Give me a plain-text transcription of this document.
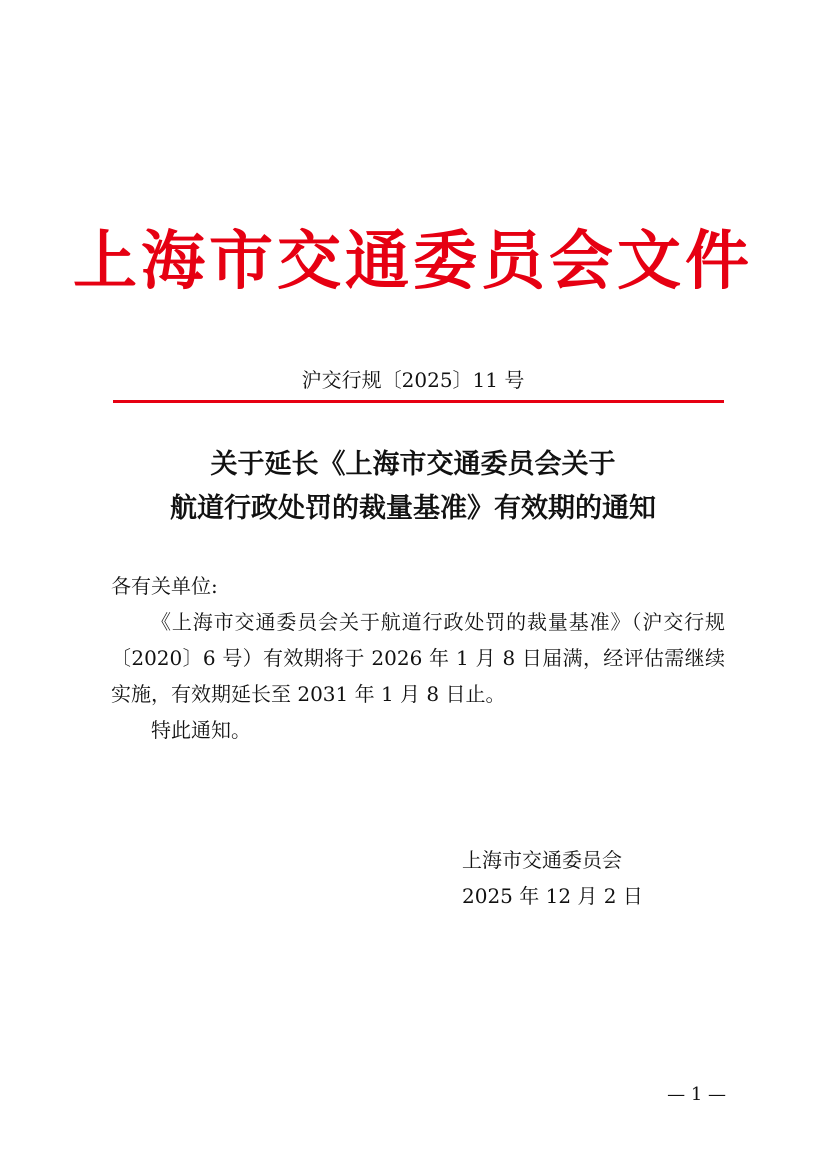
上海市交通委员会文件
沪交行规〔2025〕11 号
关于延长《上海市交通委员会关于
航道行政处罚的裁量基准》有效期的通知
各有关单位:
《上海市交通委员会关于航道行政处罚的裁量基准》（沪交行规〔2020〕6 号）有效期将于 2026 年 1 月 8 日届满，经评估需继续实施，有效期延长至 2031 年 1 月 8 日止。
特此通知。
上海市交通委员会
2025 年 12 月 2 日
— 1 —
